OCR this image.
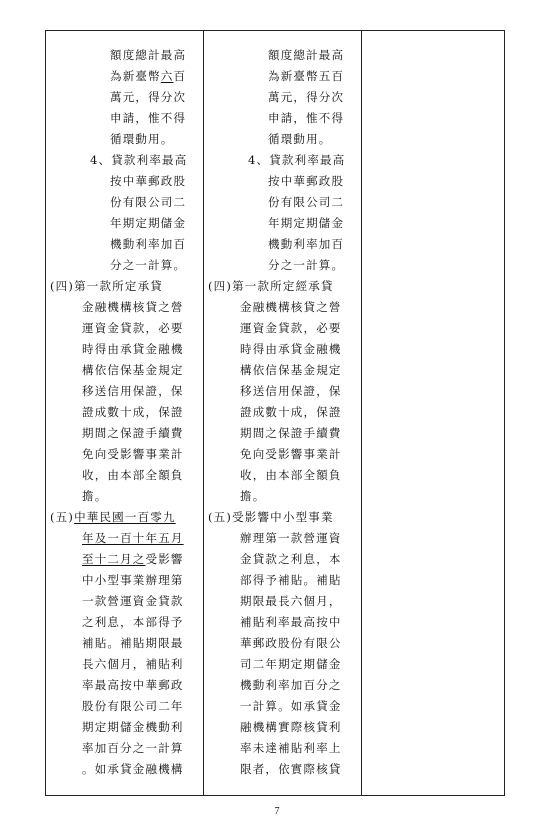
額度總計最高
為新臺幣六百
萬元，得分次
申請，惟不得
循環動用。
4、貸款利率最高
按中華郵政股
份有限公司二
年期定期儲金
機動利率加百
分之一計算。
(四)第一款所定承貸
金融機構核貸之營
運資金貸款，必要
時得由承貸金融機
構依信保基金規定
移送信用保證，保
證成數十成，保證
期間之保證手續費
免向受影響事業計
收，由本部全額負
擔。
(五)中華民國一百零九
年及一百十年五月
至十二月之受影響
中小型事業辦理第
一款營運資金貸款
之利息，本部得予
補貼。補貼期限最
長六個月，補貼利
率最高按中華郵政
股份有限公司二年
期定期儲金機動利
率加百分之一計算
。如承貸金融機構
額度總計最高
為新臺幣五百
萬元，得分次
申請，惟不得
循環動用。
4、貸款利率最高
按中華郵政股
份有限公司二
年期定期儲金
機動利率加百
分之一計算。
(四)第一款所定經承貸
金融機構核貸之營
運資金貸款，必要
時得由承貸金融機
構依信保基金規定
移送信用保證，保
證成數十成，保證
期間之保證手續費
免向受影響事業計
收，由本部全額負
擔。
(五)受影響中小型事業
辦理第一款營運資
金貸款之利息，本
部得予補貼。補貼
期限最長六個月，
補貼利率最高按中
華郵政股份有限公
司二年期定期儲金
機動利率加百分之
一計算。如承貸金
融機構實際核貸利
率未達補貼利率上
限者，依實際核貸
7
